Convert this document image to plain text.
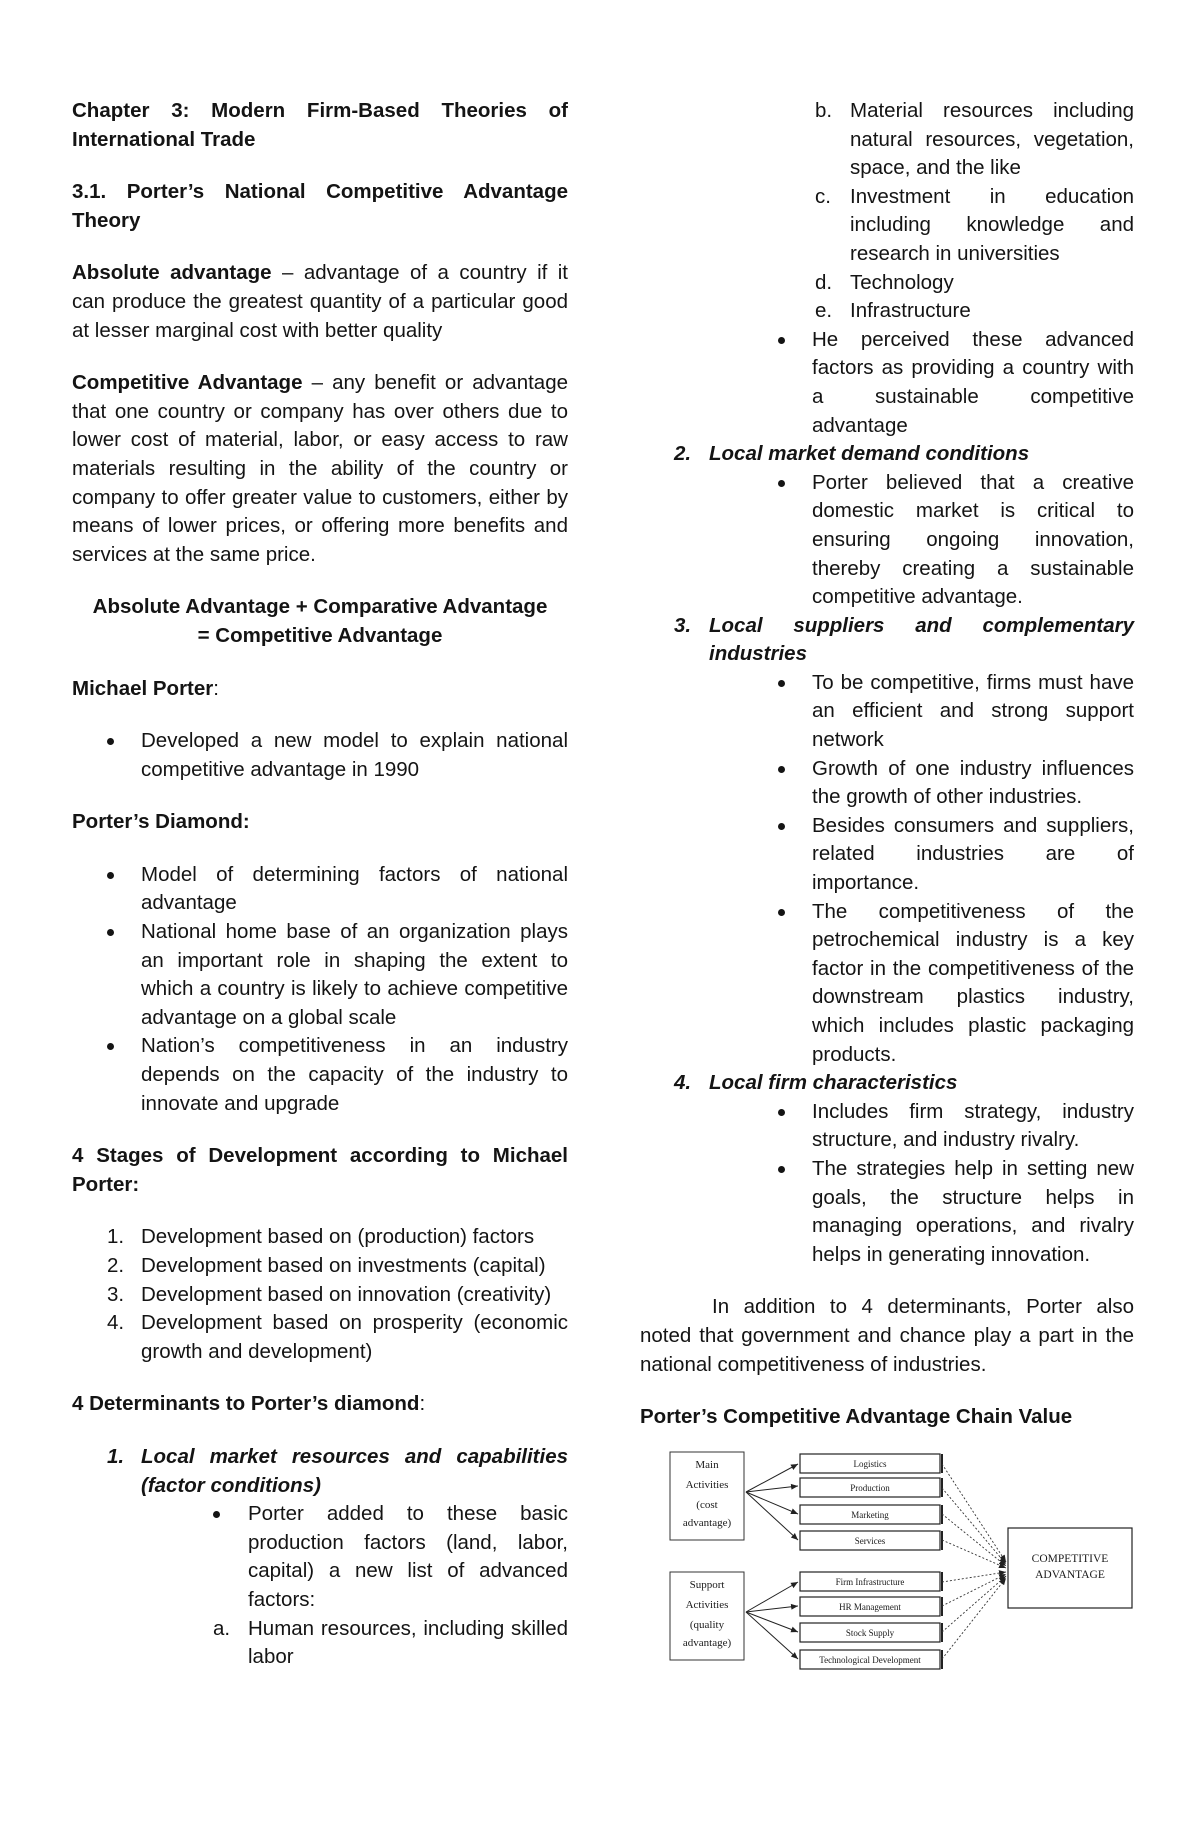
Chapter 3: Modern Firm-Based Theories of International Trade

3.1. Porter’s National Competitive Advantage Theory

Absolute advantage – advantage of a country if it can produce the greatest quantity of a particular good at lesser marginal cost with better quality

Competitive Advantage – any benefit or advantage that one country or company has over others due to lower cost of material, labor, or easy access to raw materials resulting in the ability of the country or company to offer greater value to customers, either by means of lower prices, or offering more benefits and services at the same price.

Absolute Advantage + Comparative Advantage

= Competitive Advantage

Michael Porter:

Developed a new model to explain national competitive advantage in 1990

Porter’s Diamond:

Model of determining factors of national advantage
National home base of an organization plays an important role in shaping the extent to which a country is likely to achieve competitive advantage on a global scale
Nation’s competitiveness in an industry depends on the capacity of the industry to innovate and upgrade

4 Stages of Development according to Michael Porter:

1. Development based on (production) factors
2. Development based on investments (capital)
3. Development based on innovation (creativity)
4. Development based on prosperity (economic growth and development)

4 Determinants to Porter’s diamond:

1. Local market resources and capabilities (factor conditions)
Porter added to these basic production factors (land, labor, capital) a new list of advanced factors:
a. Human resources, including skilled labor
b. Material resources including natural resources, vegetation, space, and the like
c. Investment in education including knowledge and research in universities
d. Technology
e. Infrastructure
He perceived these advanced factors as providing a country with a sustainable competitive advantage
2. Local market demand conditions
Porter believed that a creative domestic market is critical to ensuring ongoing innovation, thereby creating a sustainable competitive advantage.
3. Local suppliers and complementary industries
To be competitive, firms must have an efficient and strong support network
Growth of one industry influences the growth of other industries.
Besides consumers and suppliers, related industries are of importance.
The competitiveness of the petrochemical industry is a key factor in the competitiveness of the downstream plastics industry, which includes plastic packaging products.
4. Local firm characteristics
Includes firm strategy, industry structure, and industry rivalry.
The strategies help in setting new goals, the structure helps in managing operations, and rivalry helps in generating innovation.

In addition to 4 determinants, Porter also noted that government and chance play a part in the national competitiveness of industries.

Porter’s Competitive Advantage Chain Value

Main
Activities
(cost
advantage)
Support
Activities
(quality
advantage)
Logistics
Production
Marketing
Services
Firm Infrastructure
HR Management
Stock Supply
Technological Development
COMPETITIVE
ADVANTAGE
